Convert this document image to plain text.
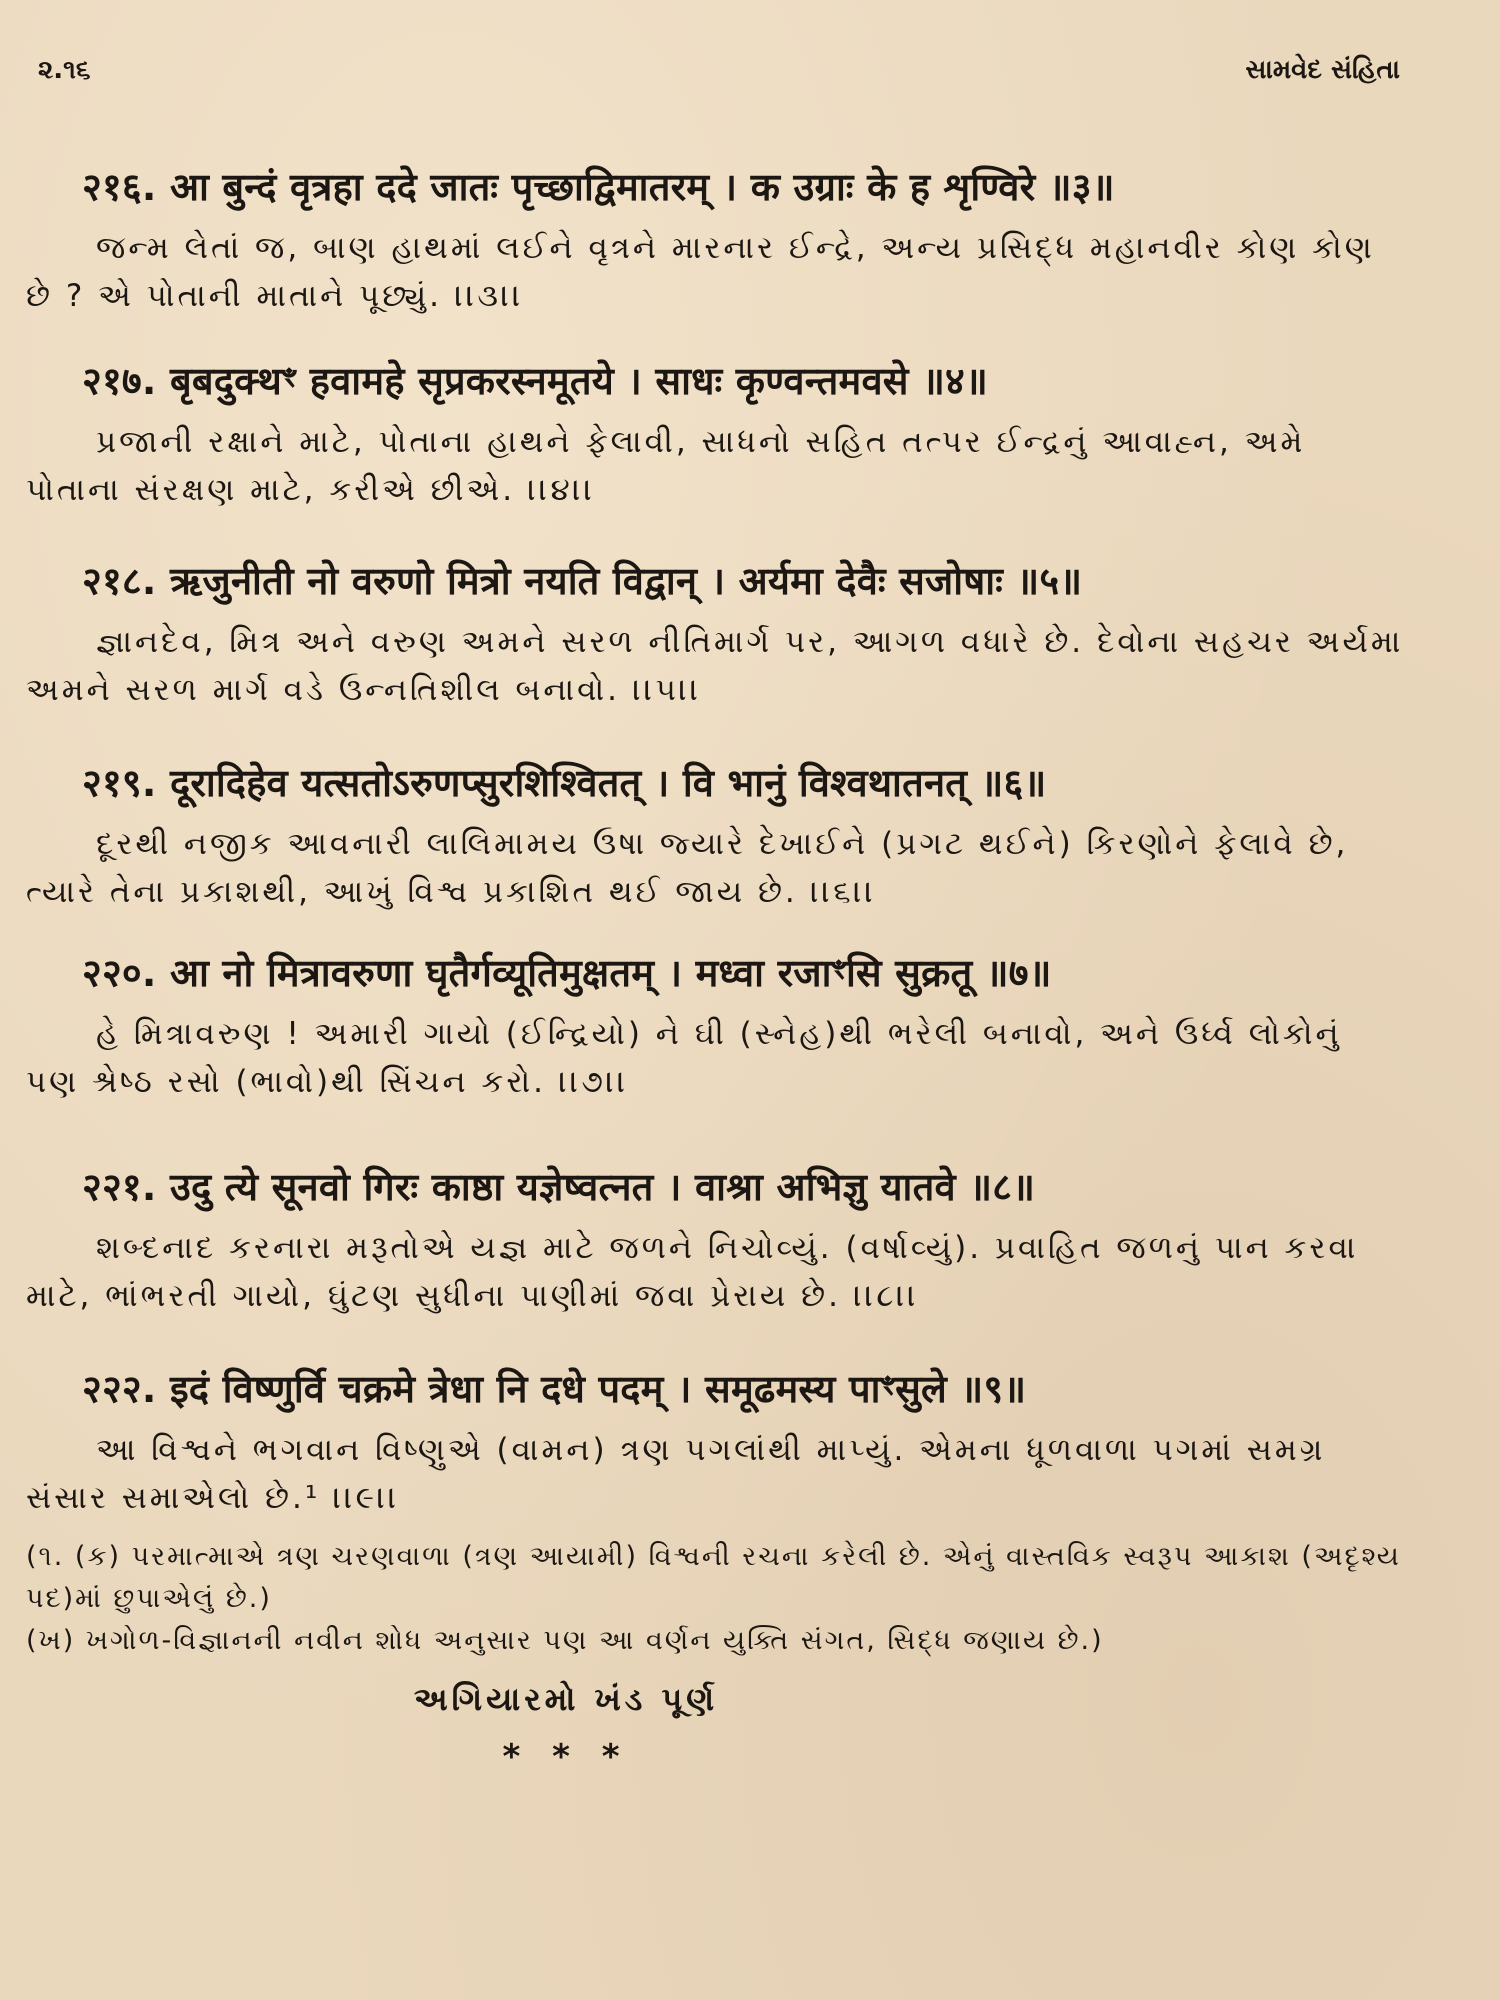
૨.૧૬	સામવેદ સંહિતા
२१६. आ बुन्दं वृत्रहा ददे जातः पृच्छाद्विमातरम् । क उग्राः के ह शृण्विरे ॥३॥
જન્મ લેતાં જ, બાણ હાથમાં લઈને વૃત્રને મારનાર ઈન્દ્રે, અન્ય પ્રસિદ્ધ મહાનવીર કોણ કોણ છે ? એ પોતાની માતાને પૂછ્યું. ।।૩।।
२१७. बृबदुक्थꣳ हवामहे सृप्रकरस्नमूतये । साधः कृण्वन्तमवसे ॥४॥
પ્રજાની રક્ષાને માટે, પોતાના હાથને ફેલાવી, સાધનો સહિત તત્પર ઈન્દ્રનું આવાહ્ન, અમે પોતાના સંરક્ષણ માટે, કરીએ છીએ. ।।૪।।
२१८. ऋजुनीती नो वरुणो मित्रो नयति विद्वान् । अर्यमा देवैः सजोषाः ॥५॥
જ્ઞાનદેવ, મિત્ર અને વરુણ અમને સરળ નીતિમાર્ગ પર, આગળ વધારે છે. દેવોના સહચર અર્યમા અમને સરળ માર્ગ વડે ઉન્નતિશીલ બનાવો. ।।૫।।
२१९. दूरादिहेव यत्सतोऽरुणप्सुरशिश्वितत् । वि भानुं विश्वथातनत् ॥६॥
દૂરથી નજીક આવનારી લાલિમામય ઉષા જ્યારે દેખાઈને (પ્રગટ થઈને) કિરણોને ફેલાવે છે, ત્યારે તેના પ્રકાશથી, આખું વિશ્વ પ્રકાશિત થઈ જાય છે. ।।૬।।
२२०. आ नो मित्रावरुणा घृतैर्गव्यूतिमुक्षतम् । मध्वा रजाꣳसि सुक्रतू ॥७॥
હે મિત્રાવરુણ ! અમારી ગાયો (ઈન્દ્રિયો) ને ઘી (સ્નેહ)થી ભરેલી બનાવો, અને ઉર્ધ્વ લોકોનું પણ શ્રેષ્ઠ રસો (ભાવો)થી સિંચન કરો. ।।૭।।
२२१. उदु त्ये सूनवो गिरः काष्ठा यज्ञेष्वत्नत । वाश्रा अभिज्ञु यातवे ॥८॥
શબ્દનાદ કરનારા મરૂતોએ યજ્ઞ માટે જળને નિચોવ્યું. (વર્ષાવ્યું). પ્રવાહિત જળનું પાન કરવા માટે, ભાંભરતી ગાયો, ઘુંટણ સુધીના પાણીમાં જવા પ્રેરાય છે. ।।૮।।
२२२. इदं विष्णुर्वि चक्रमे त्रेधा नि दधे पदम् । समूढमस्य पाꣳसुले ॥९॥
આ વિશ્વને ભગવાન વિષ્ણુએ (વામન) ત્રણ પગલાંથી માપ્યું. એમના ધૂળવાળા પગમાં સમગ્ર સંસાર સમાએલો છે.¹ ।।૯।।

(૧. (ક) પરમાત્માએ ત્રણ ચરણવાળા (ત્રણ આયામી) વિશ્વની રચના કરેલી છે. એનું વાસ્તવિક સ્વરૂપ આકાશ (અદૃશ્ય પદ)માં છુપાએલું છે.)

(ખ) ખગોળ-વિજ્ઞાનની નવીન શોધ અનુસાર પણ આ વર્ણન યુક્તિ સંગત, સિદ્ધ જણાય છે.)

અગિયારમો ખંડ પૂર્ણ
* * *
